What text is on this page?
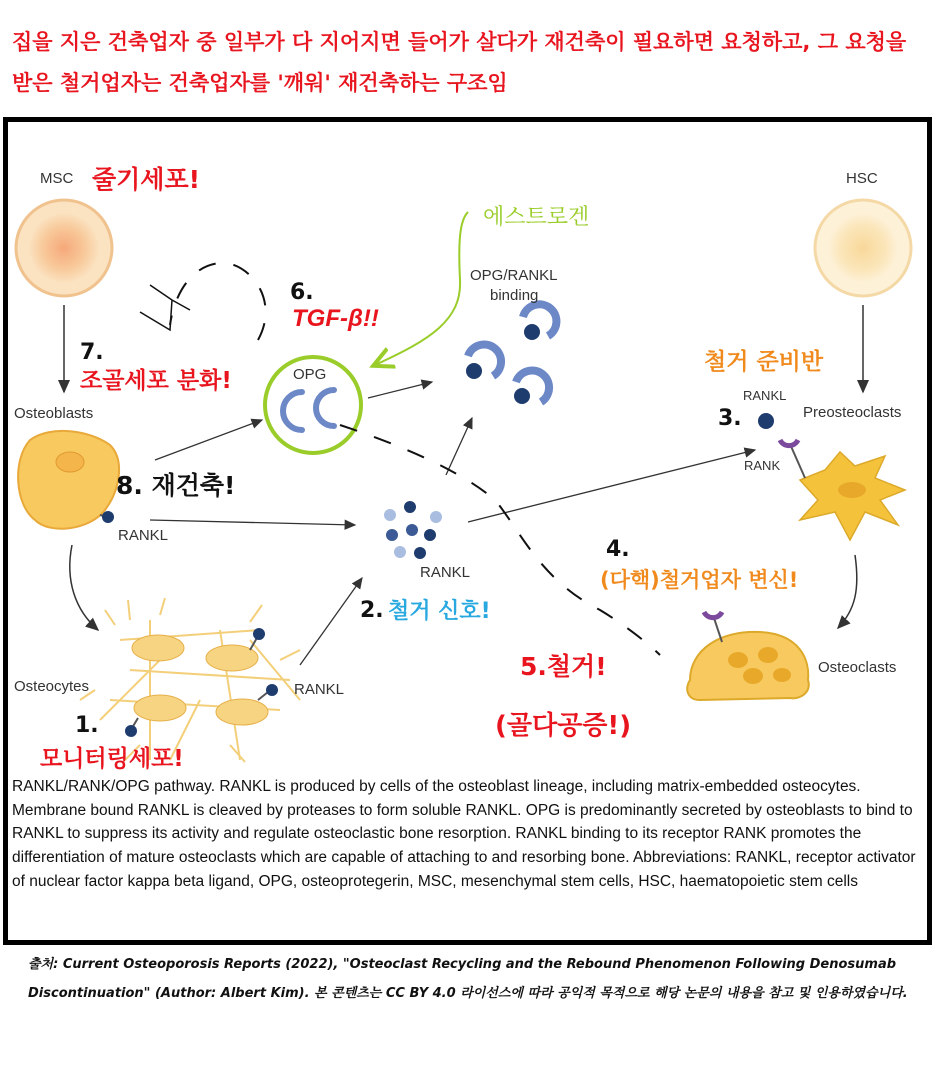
집을 지은 건축업자 중 일부가 다 지어지면 들어가 살다가 재건축이 필요하면 요청하고, 그 요청을 받은 철거업자는 건축업자를 '깨워' 재건축하는 구조임
MSC	HSC
Osteoblasts
Osteocytes
Preosteoclasts
Osteoclasts
OPG
OPG/RANKL
binding
RANKL
RANKL
RANKL
RANKL
RANK
줄기세포!
에스트로겐
6.
TGF-β!!
7.
조골세포 분화!
8. 재건축!
철거 준비반
3.
4.
(다핵)철거업자 변신!
2. 철거 신호!
5.철거!
(골다공증!)
1.
모니터링세포!
RANKL/RANK/OPG pathway. RANKL is produced by cells of the osteoblast lineage, including matrix-embedded osteocytes. Membrane bound RANKL is cleaved by proteases to form soluble RANKL. OPG is predominantly secreted by osteoblasts to bind to RANKL to suppress its activity and regulate osteoclastic bone resorption. RANKL binding to its receptor RANK promotes the differentiation of mature osteoclasts which are capable of attaching to and resorbing bone. Abbreviations: RANKL, receptor activator of nuclear factor kappa beta ligand, OPG, osteoprotegerin, MSC, mesenchymal stem cells, HSC, haematopoietic stem cells
출처: Current Osteoporosis Reports (2022), "Osteoclast Recycling and the Rebound Phenomenon Following Denosumab Discontinuation" (Author: Albert Kim). 본 콘텐츠는 CC BY 4.0 라이선스에 따라 공익적 목적으로 해당 논문의 내용을 참고 및 인용하였습니다.
